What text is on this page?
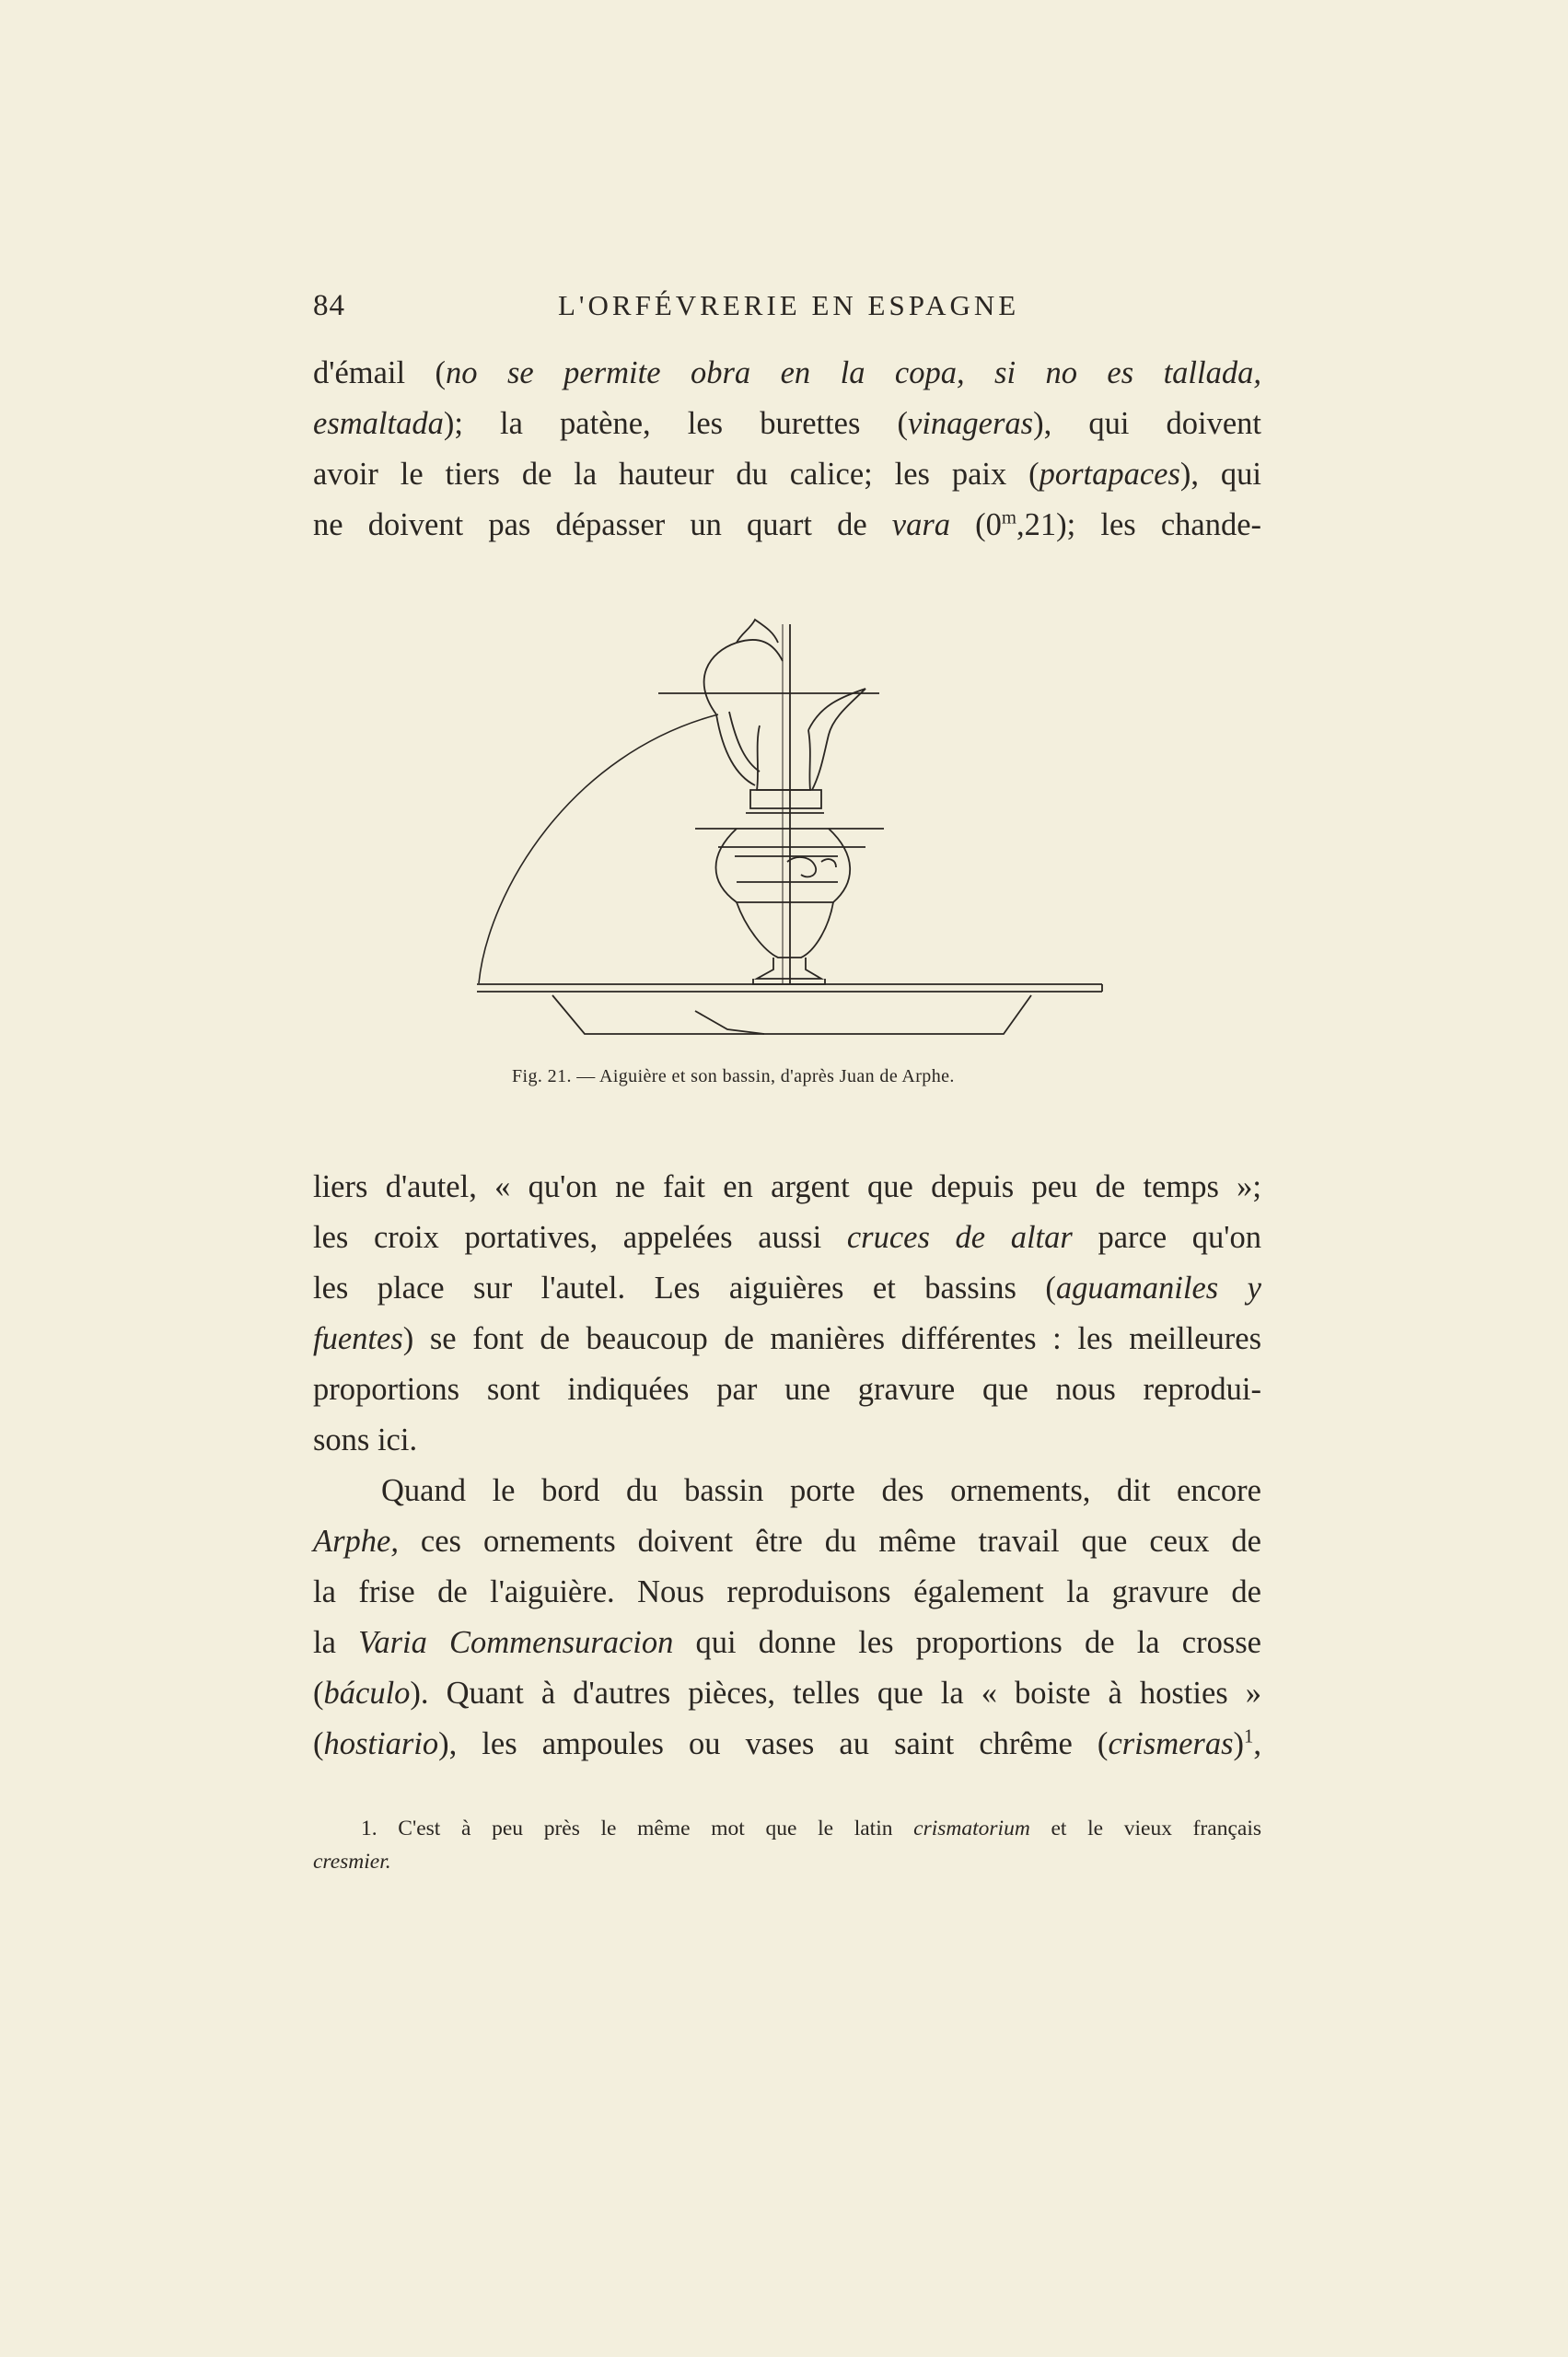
84	L'ORFÉVRERIE EN ESPAGNE
d'émail (no se permite obra en la copa, si no es tallada,
esmaltada); la patène, les burettes (vinageras), qui doivent
avoir le tiers de la hauteur du calice; les paix (portapaces), qui
ne doivent pas dépasser un quart de vara (0$^m$,21); les chande-
Fig. 21. — Aiguière et son bassin, d'après Juan de Arphe.
liers d'autel, « qu'on ne fait en argent que depuis peu de temps »;
les croix portatives, appelées aussi cruces de altar parce qu'on
les place sur l'autel. Les aiguières et bassins (aguamaniles y
fuentes) se font de beaucoup de manières différentes : les meilleures
proportions sont indiquées par une gravure que nous reprodui-
sons ici.
Quand le bord du bassin porte des ornements, dit encore
Arphe, ces ornements doivent être du même travail que ceux de
la frise de l'aiguière. Nous reproduisons également la gravure de
la Varia Commensuracion qui donne les proportions de la crosse
(báculo). Quant à d'autres pièces, telles que la « boiste à hosties »
(hostiario), les ampoules ou vases au saint chrême (crismeras)$^1$,
1. C'est à peu près le même mot que le latin crismatorium et le vieux français
cresmier.
